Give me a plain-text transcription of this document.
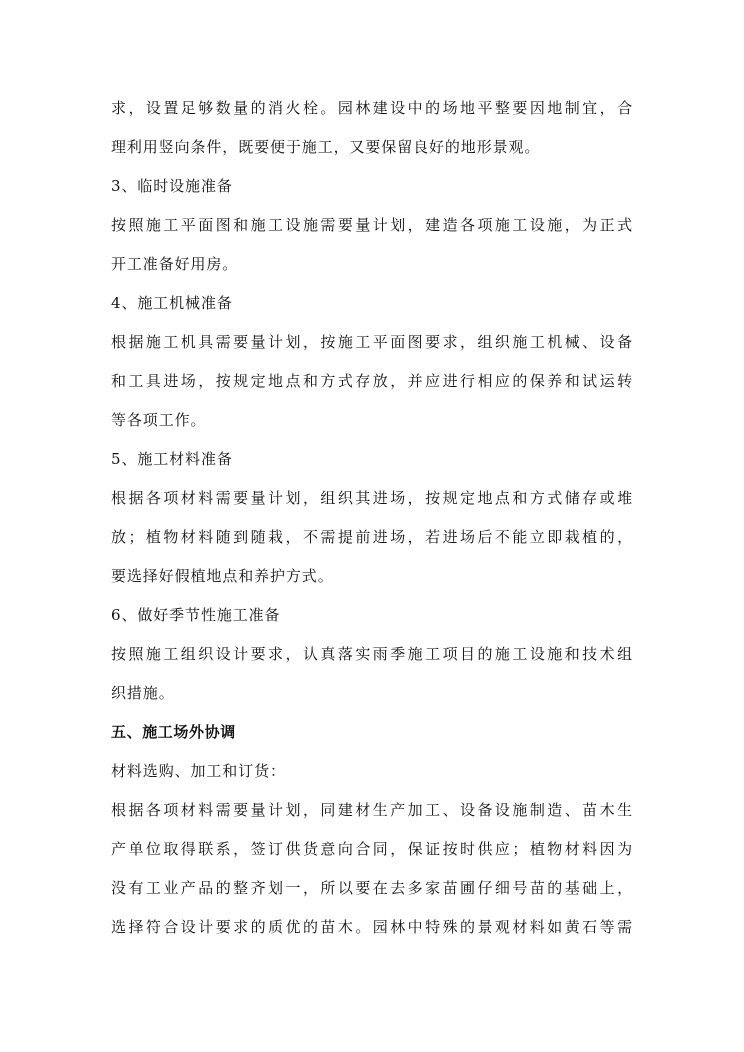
求，设置足够数量的消火栓。园林建设中的场地平整要因地制宜，合
理利用竖向条件，既要便于施工，又要保留良好的地形景观。
3、临时设施准备
按照施工平面图和施工设施需要量计划，建造各项施工设施，为正式
开工准备好用房。
4、施工机械准备
根据施工机具需要量计划，按施工平面图要求，组织施工机械、设备
和工具进场，按规定地点和方式存放，并应进行相应的保养和试运转
等各项工作。
5、施工材料准备
根据各项材料需要量计划，组织其进场，按规定地点和方式储存或堆
放；植物材料随到随栽，不需提前进场，若进场后不能立即栽植的，
要选择好假植地点和养护方式。
6、做好季节性施工准备
按照施工组织设计要求，认真落实雨季施工项目的施工设施和技术组
织措施。
五、施工场外协调
材料选购、加工和订货：
根据各项材料需要量计划，同建材生产加工、设备设施制造、苗木生
产单位取得联系，签订供货意向合同，保证按时供应；植物材料因为
没有工业产品的整齐划一，所以要在去多家苗圃仔细号苗的基础上，
选择符合设计要求的质优的苗木。园林中特殊的景观材料如黄石等需
